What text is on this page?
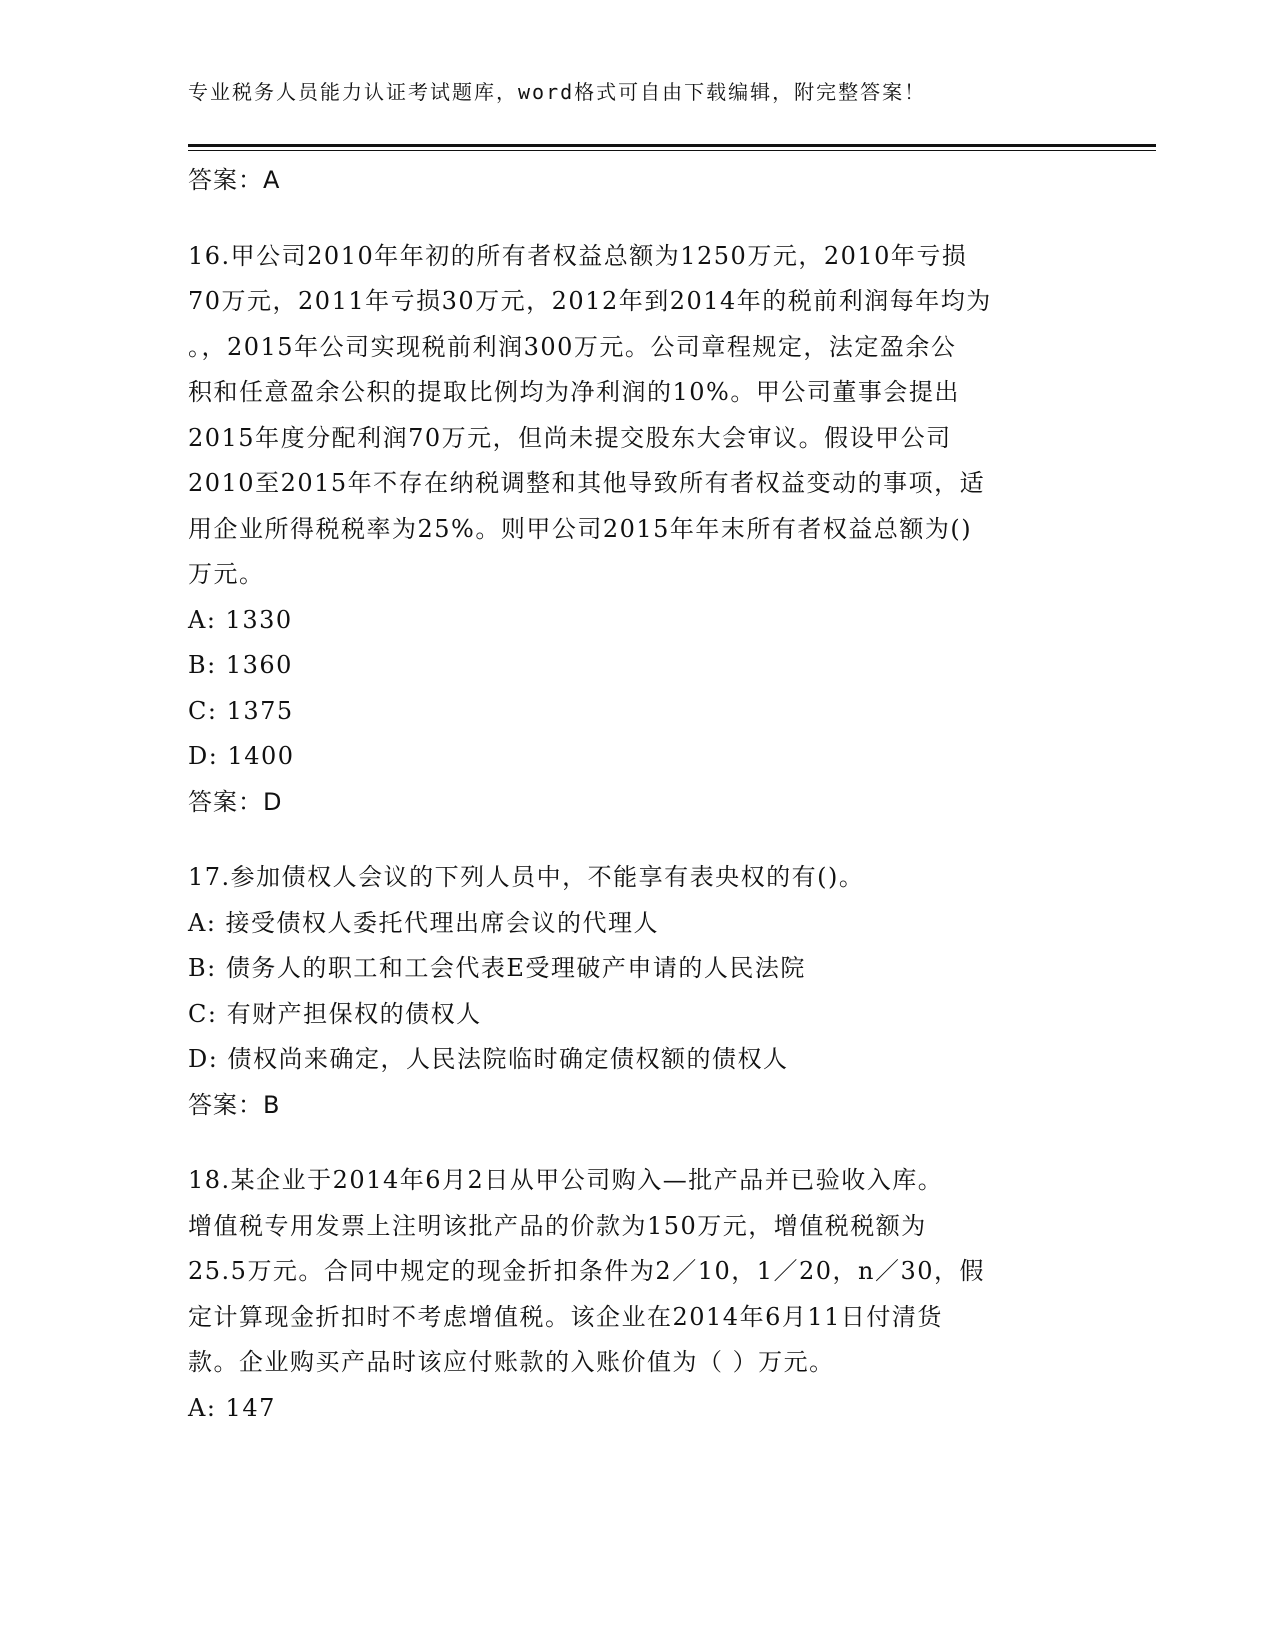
专业税务人员能力认证考试题库，word格式可自由下载编辑，附完整答案！
答案：A
16.甲公司2010年年初的所有者权益总额为1250万元，2010年亏损
70万元，2011年亏损30万元，2012年到2014年的税前利润每年均为
。，2015年公司实现税前利润300万元。公司章程规定，法定盈余公
积和任意盈余公积的提取比例均为净利润的10%。甲公司董事会提出
2015年度分配利润70万元，但尚未提交股东大会审议。假设甲公司
2010至2015年不存在纳税调整和其他导致所有者权益变动的事项，适
用企业所得税税率为25%。则甲公司2015年年末所有者权益总额为()
万元。
A: 1330
B: 1360
C: 1375
D: 1400
答案：D
17.参加债权人会议的下列人员中，不能享有表央权的有()。
A: 接受债权人委托代理出席会议的代理人
B: 债务人的职工和工会代表E受理破产申请的人民法院
C: 有财产担保权的债权人
D: 债权尚来确定，人民法院临时确定债权额的债权人
答案：B
18.某企业于2014年6月2日从甲公司购入—批产品并已验收入库。
增值税专用发票上注明该批产品的价款为150万元，增值税税额为
25.5万元。合同中规定的现金折扣条件为2／10，1／20，n／30，假
定计算现金折扣时不考虑增值税。该企业在2014年6月11日付清货
款。企业购买产品时该应付账款的入账价值为（ ）万元。
A: 147
